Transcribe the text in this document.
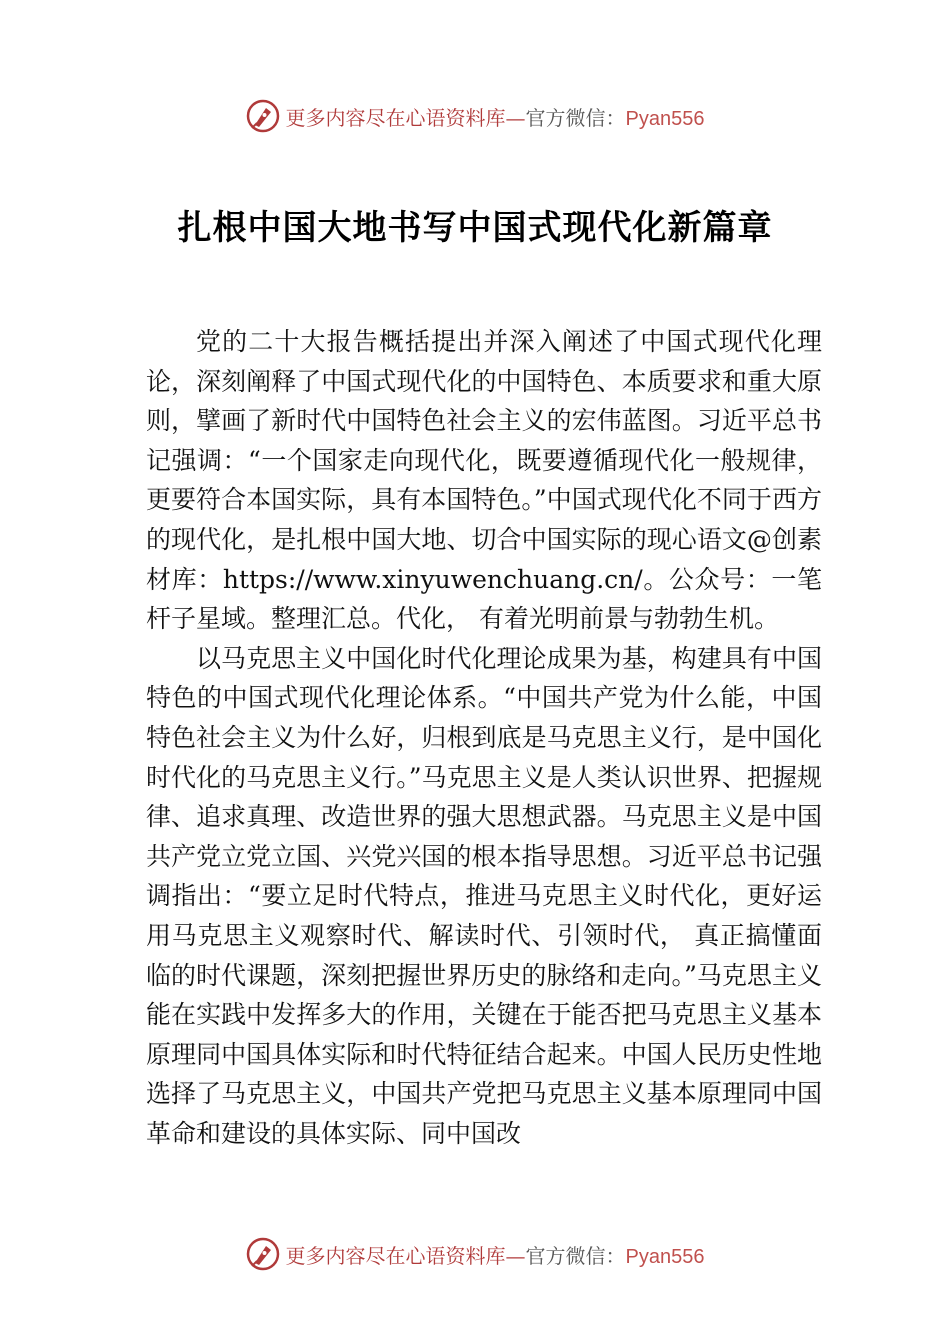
更多内容尽在心语资料库—官方微信：Pyan556
扎根中国大地书写中国式现代化新篇章

党的二十大报告概括提出并深入阐述了中国式现代化理论，深刻阐释了中国式现代化的中国特色、本质要求和重大原则，擘画了新时代中国特色社会主义的宏伟蓝图。习近平总书记强调：“一个国家走向现代化，既要遵循现代化一般规律，更要符合本国实际，具有本国特色。”中国式现代化不同于西方的现代化，是扎根中国大地、切合中国实际的现心语文@创素材库：https://www.xinyuwenchuang.cn/。公众号：一笔杆子星域。整理汇总。代化， 有着光明前景与勃勃生机。

以马克思主义中国化时代化理论成果为基，构建具有中国特色的中国式现代化理论体系。“中国共产党为什么能，中国特色社会主义为什么好，归根到底是马克思主义行，是中国化时代化的马克思主义行。”马克思主义是人类认识世界、把握规律、追求真理、改造世界的强大思想武器。马克思主义是中国共产党立党立国、兴党兴国的根本指导思想。习近平总书记强调指出：“要立足时代特点，推进马克思主义时代化，更好运用马克思主义观察时代、解读时代、引领时代， 真正搞懂面临的时代课题，深刻把握世界历史的脉络和走向。”马克思主义能在实践中发挥多大的作用，关键在于能否把马克思主义基本原理同中国具体实际和时代特征结合起来。中国人民历史性地选择了马克思主义，中国共产党把马克思主义基本原理同中国革命和建设的具体实际、同中国改

更多内容尽在心语资料库—官方微信：Pyan556
